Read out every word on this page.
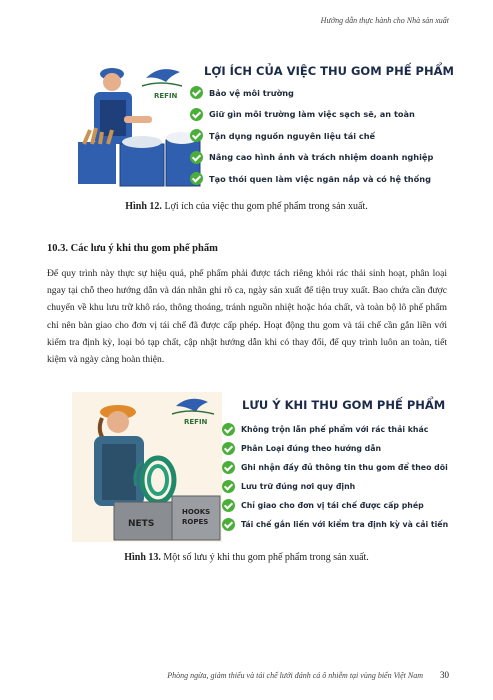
Hướng dẫn thực hành cho Nhà sản xuất
REFIN
LỢI ÍCH CỦA VIỆC THU GOM PHẾ PHẨM
Bảo vệ môi trường
Giữ gìn môi trường làm việc sạch sẽ, an toàn
Tận dụng nguồn nguyên liệu tái chế
Nâng cao hình ảnh và trách nhiệm doanh nghiệp
Tạo thói quen làm việc ngăn nắp và có hệ thống
Hình 12. Lợi ích của việc thu gom phế phẩm trong sản xuất.
10.3. Các lưu ý khi thu gom phế phẩm
Để quy trình này thực sự hiệu quả, phế phẩm phải được tách riêng khỏi rác thải sinh hoạt, phân loại ngay tại chỗ theo hướng dẫn và dán nhãn ghi rõ ca, ngày sản xuất để tiện truy xuất. Bao chứa cần được chuyển về khu lưu trữ khô ráo, thông thoáng, tránh nguồn nhiệt hoặc hóa chất, và toàn bộ lô phế phẩm chỉ nên bàn giao cho đơn vị tái chế đã được cấp phép. Hoạt động thu gom và tái chế cần gắn liền với kiểm tra định kỳ, loại bỏ tạp chất, cập nhật hướng dẫn khi có thay đổi, để quy trình luôn an toàn, tiết kiệm và ngày càng hoàn thiện.
NETS
HOOKS
ROPES
REFIN
LƯU Ý KHI THU GOM PHẾ PHẨM
Không trộn lẫn phế phẩm với rác thải khác
Phân Loại đúng theo hướng dẫn
Ghi nhận đầy đủ thông tin thu gom để theo dõi
Lưu trữ đúng nơi quy định
Chỉ giao cho đơn vị tái chế được cấp phép
Tái chế gắn liền với kiểm tra định kỳ và cải tiến
Hình 13. Một số lưu ý khi thu gom phế phẩm trong sản xuất.
Phòng ngừa, giảm thiểu và tái chế lưới đánh cá ô nhiễm tại vùng biển Việt Nam 30
